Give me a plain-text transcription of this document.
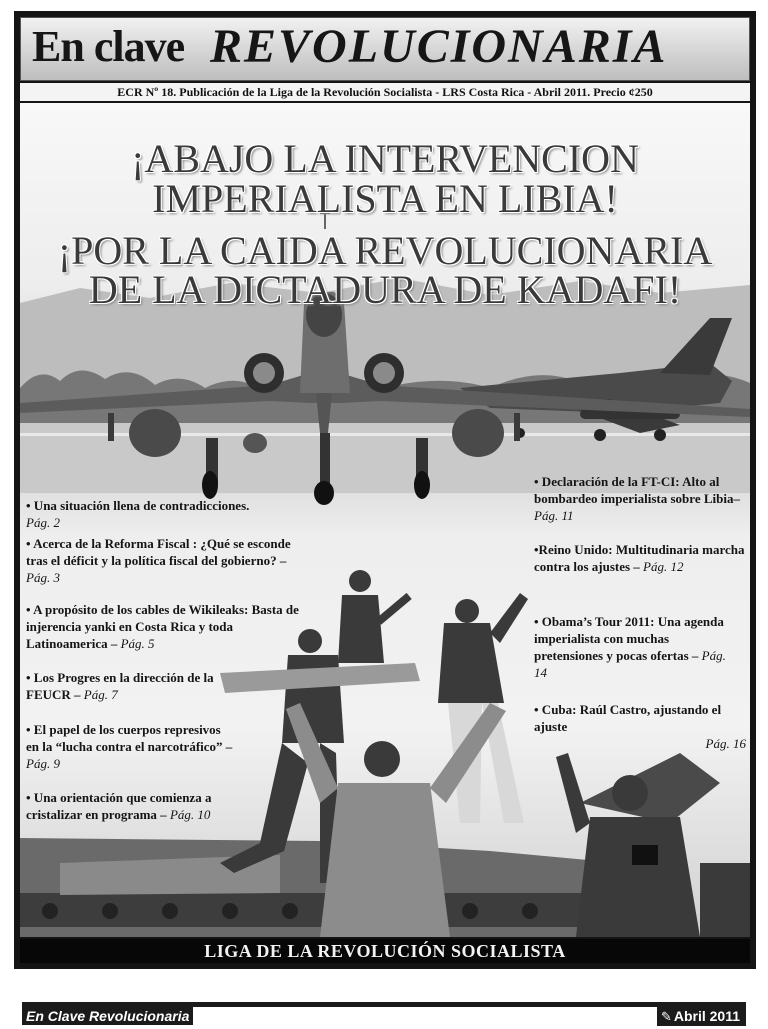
En clave REVOLUCIONARIA
ECR Nº 18. Publicación de la Liga de la Revolución Socialista - LRS Costa Rica - Abril 2011. Precio ¢250
¡ABAJO LA INTERVENCION
IMPERIALISTA EN LIBIA!
¡POR LA CAIDA REVOLUCIONARIA
DE LA DICTADURA DE KADAFI!
• Una situación llena de contradicciones.
Pág. 2
• Acerca de la Reforma Fiscal : ¿Qué se esconde tras el déficit y la política fiscal del gobierno? – Pág. 3
• A propósito de los cables de Wikileaks: Basta de injerencia yanki en Costa Rica y toda Latinoamerica – Pág. 5
• Los Progres en la dirección de la FEUCR – Pág. 7
• El papel de los cuerpos represivos en la “lucha contra el narcotráfico” – Pág. 9
• Una orientación que comienza a cristalizar en programa – Pág. 10
• Declaración de la FT-CI: Alto al bombardeo imperialista sobre Libia– Pág. 11
•Reino Unido: Multitudinaria marcha contra los ajustes – Pág. 12
• Obama’s Tour 2011: Una agenda imperialista con muchas pretensiones y pocas ofertas – Pág. 14
• Cuba: Raúl Castro, ajustando el ajuste

Pág. 16
LIGA DE LA REVOLUCIÓN SOCIALISTA
En Clave Revolucionaria	✎ Abril 2011
